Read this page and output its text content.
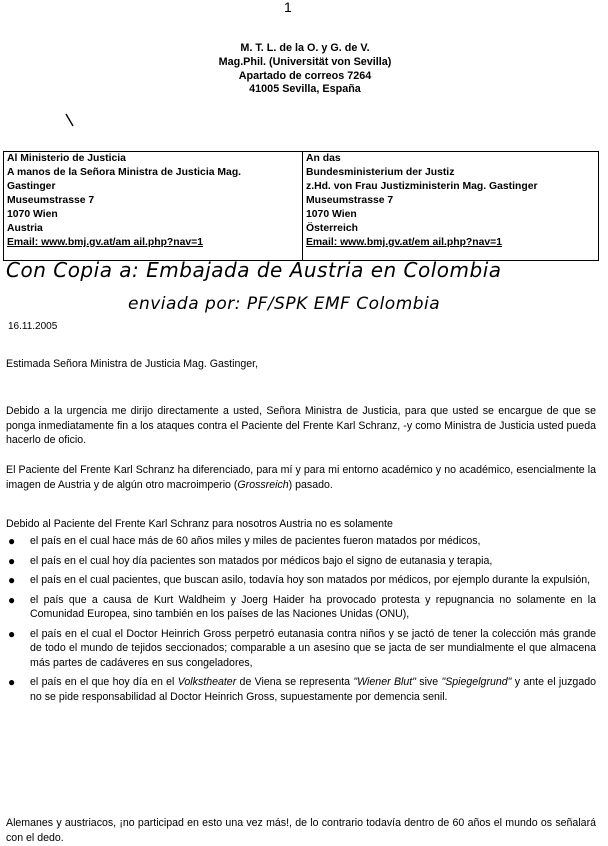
1
M. T. L. de la O. y G. de V.
Mag.Phil. (Universität von Sevilla)
Apartado de correos 7264
41005 Sevilla, España
Al Ministerio de Justicia
A manos de la Señora Ministra de Justicia Mag.
Gastinger
Museumstrasse 7
1070 Wien
Austria
Email: www.bmj.gv.at/am ail.php?nav=1
An das
Bundesministerium der Justiz
z.Hd. von Frau Justizministerin Mag. Gastinger
Museumstrasse 7
1070 Wien
Österreich
Email: www.bmj.gv.at/em ail.php?nav=1
Con Copia a: Embajada de Austria en Colombia
enviada por: PF/SPK EMF Colombia
16.11.2005
Estimada Señora Ministra de Justicia Mag. Gastinger,
Debido a la urgencia me dirijo directamente a usted, Señora Ministra de Justicia, para que usted se encargue de que se ponga inmediatamente fin a los ataques contra el Paciente del Frente Karl Schranz, -y como Ministra de Justicia usted pueda hacerlo de oficio.
El Paciente del Frente Karl Schranz ha diferenciado, para mí y para mi entorno académico y no académico, esencialmente la imagen de Austria y de algún otro macroimperio (Grossreich) pasado.
Debido al Paciente del Frente Karl Schranz para nosotros Austria no es solamente
● el país en el cual hace más de 60 años miles y miles de pacientes fueron matados por médicos,
● el país en el cual hoy día pacientes son matados por médicos bajo el signo de eutanasia y terapia,
● el país en el cual pacientes, que buscan asilo, todavía hoy son matados por médicos, por ejemplo durante la expulsión,
● el país que a causa de Kurt Waldheim y Joerg Haider ha provocado protesta y repugnancia no solamente en la Comunidad Europea, sino también en los países de las Naciones Unidas (ONU),
● el país en el cual el Doctor Heinrich Gross perpetró eutanasia contra niños y se jactó de tener la colección más grande de todo el mundo de tejidos seccionados; comparable a un asesino que se jacta de ser mundialmente el que almacena más partes de cadáveres en sus congeladores,
● el país en el que hoy día en el Volkstheater de Viena se representa "Wiener Blut" sive "Spiegelgrund" y ante el juzgado no se pide responsabilidad al Doctor Heinrich Gross, supuestamente por demencia senil.
Alemanes y austriacos, ¡no participad en esto una vez más!, de lo contrario todavía dentro de 60 años el mundo os señalará con el dedo.
